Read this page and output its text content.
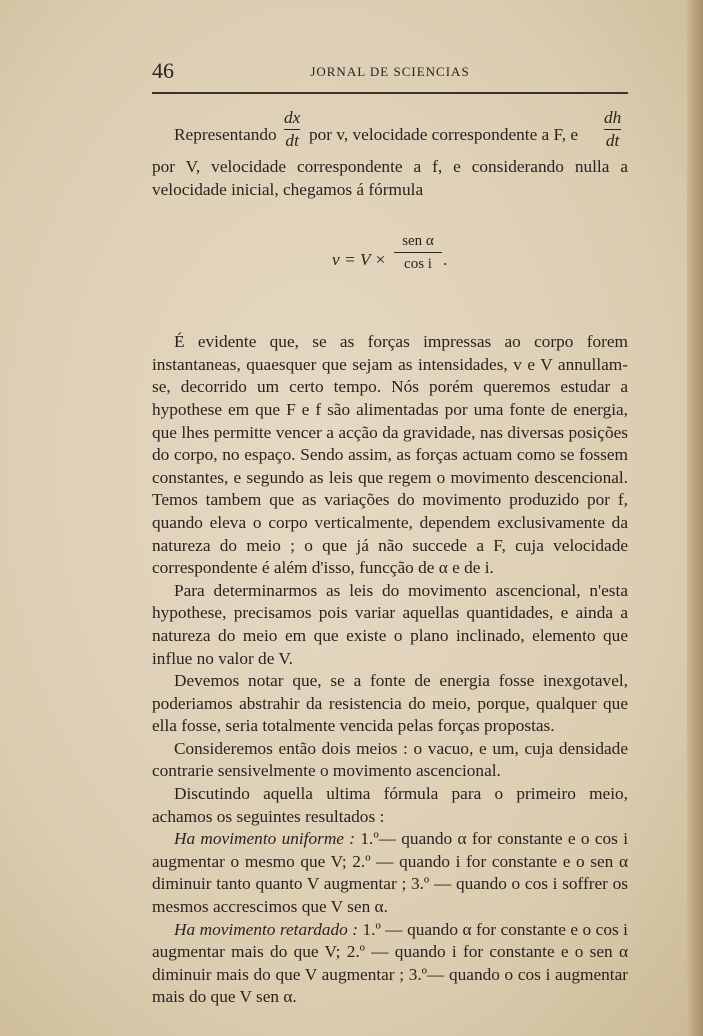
46	JORNAL DE SCIENCIAS
Representando
dx
dt por v, velocidade correspondente a F, e
dh
dt

por V, velocidade correspondente a f, e considerando nulla a velocidade inicial, chegamos á fórmula

v = V ×
sen α
cos i .

É evidente que, se as forças impressas ao corpo forem instantaneas, quaesquer que sejam as intensidades, v e V annullam-se, decorrido um certo tempo. Nós porém queremos estudar a hypothese em que F e f são alimentadas por uma fonte de energia, que lhes permitte vencer a acção da gravidade, nas diversas posições do corpo, no espaço. Sendo assim, as forças actuam como se fossem constantes, e segundo as leis que regem o movimento descencional. Temos tambem que as variações do movimento produzido por f, quando eleva o corpo verticalmente, dependem exclusivamente da natureza do meio ; o que já não succede a F, cuja velocidade correspondente é além d'isso, funcção de α e de i.

Para determinarmos as leis do movimento ascencional, n'esta hypothese, precisamos pois variar aquellas quantidades, e ainda a natureza do meio em que existe o plano inclinado, elemento que influe no valor de V.

Devemos notar que, se a fonte de energia fosse inexgotavel, poderiamos abstrahir da resistencia do meio, porque, qualquer que ella fosse, seria totalmente vencida pelas forças propostas.

Consideremos então dois meios : o vacuo, e um, cuja densidade contrarie sensivelmente o movimento ascencional.

Discutindo aquella ultima fórmula para o primeiro meio, achamos os seguintes resultados :

Ha movimento uniforme : 1.º— quando α for constante e o cos i augmentar o mesmo que V; 2.º — quando i for constante e o sen α diminuir tanto quanto V augmentar ; 3.º — quando o cos i soffrer os mesmos accrescimos que V sen α.

Ha movimento retardado : 1.º — quando α for constante e o cos i augmentar mais do que V; 2.º — quando i for constante e o sen α diminuir mais do que V augmentar ; 3.º— quando o cos i augmentar mais do que V sen α.
